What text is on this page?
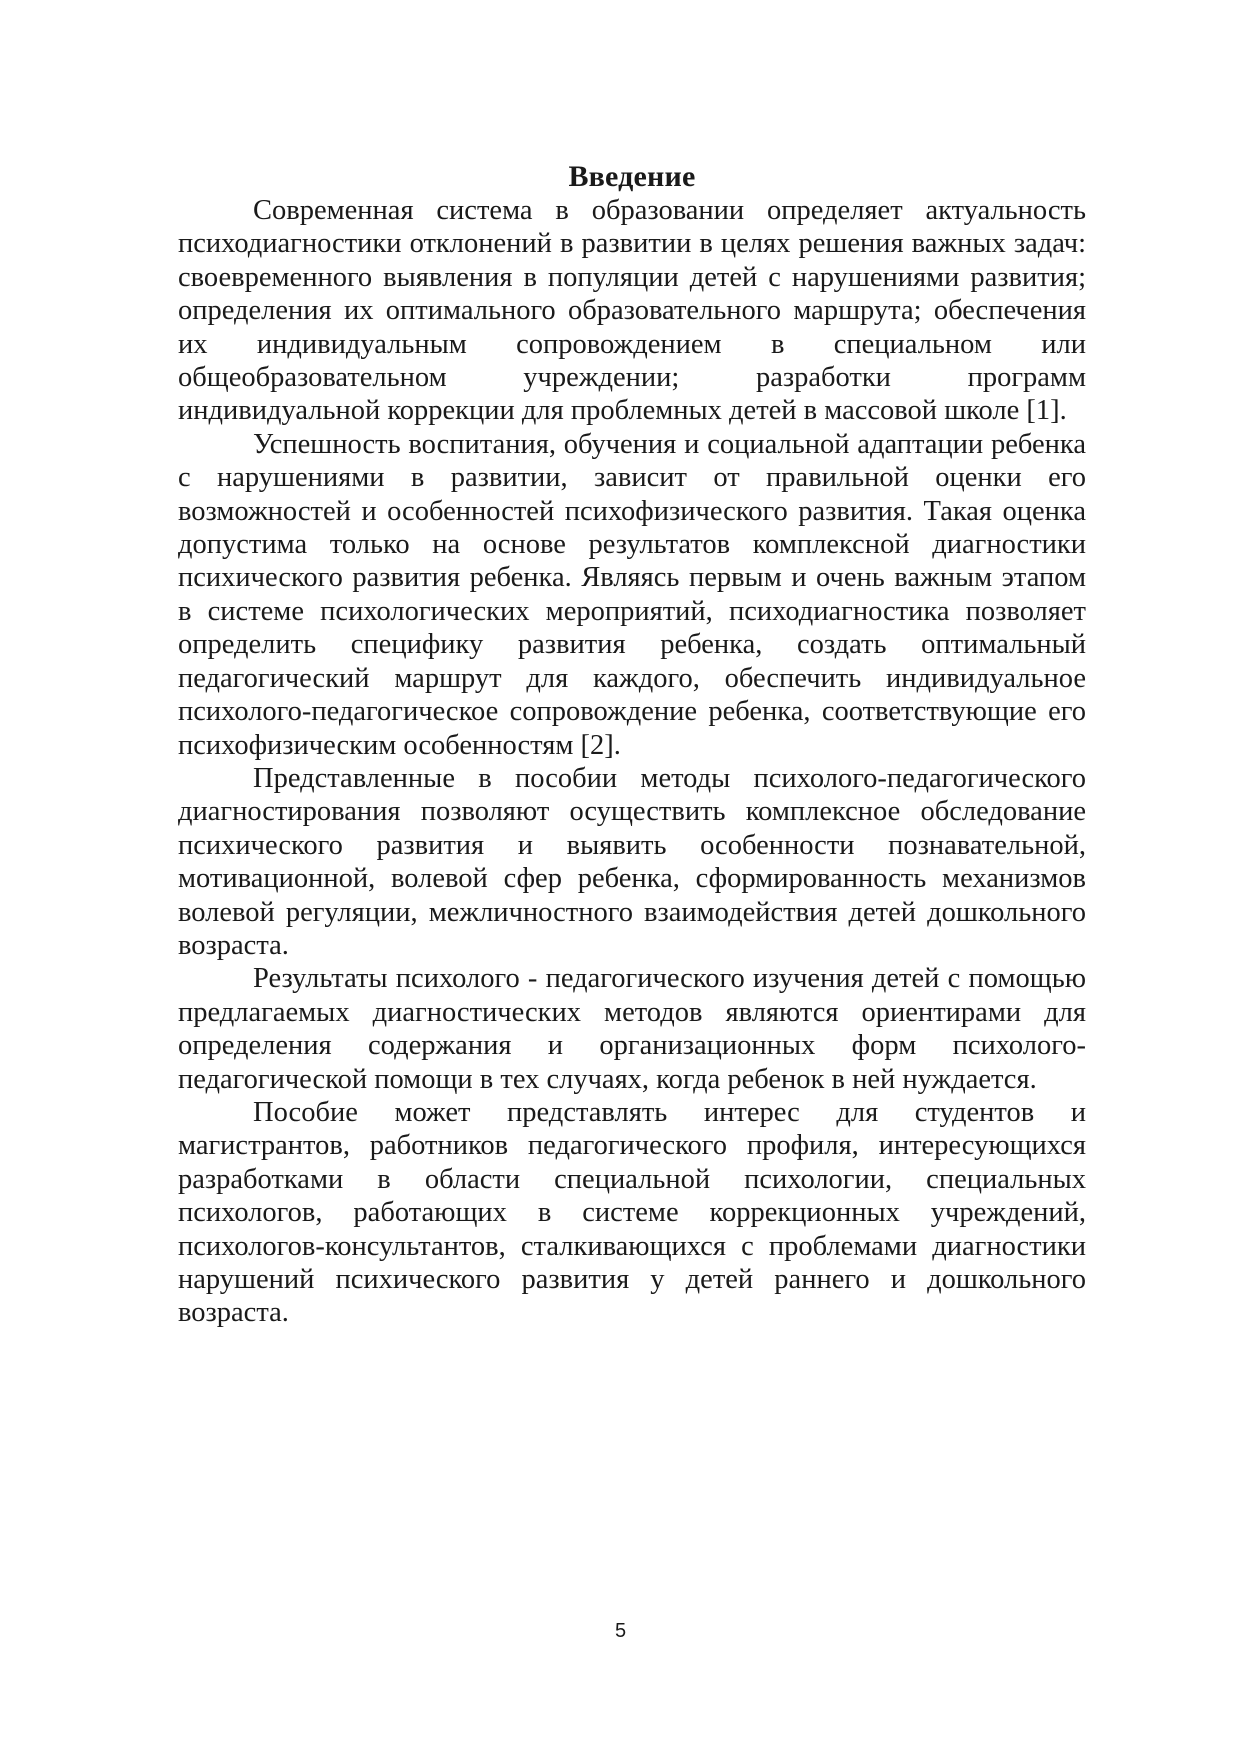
Введение

Современная система в образовании определяет актуальность психодиагностики отклонений в развитии в целях решения важных задач: своевременного выявления в популяции детей с нарушениями развития; определения их оптимального образовательного маршрута; обеспечения их индивидуальным сопровождением в специальном или общеобразовательном учреждении; разработки программ индивидуальной коррекции для проблемных детей в массовой школе [1].

Успешность воспитания, обучения и социальной адаптации ребенка с нарушениями в развитии, зависит от правильной оценки его возможностей и особенностей психофизического развития. Такая оценка допустима только на основе результатов комплексной диагностики психического развития ребенка. Являясь первым и очень важным этапом в системе психологических мероприятий, психодиагностика позволяет определить специфику развития ребенка, создать оптимальный педагогический маршрут для каждого, обеспечить индивидуальное психолого-педагогическое сопровождение ребенка, соответствующие его психофизическим особенностям [2].

Представленные в пособии методы психолого-педагогического диагностирования позволяют осуществить комплексное обследование психического развития и выявить особенности познавательной, мотивационной, волевой сфер ребенка, сформированность механизмов волевой регуляции, межличностного взаимодействия детей дошкольного возраста.

Результаты психолого - педагогического изучения детей с помощью предлагаемых диагностических методов являются ориентирами для определения содержания и организационных форм психолого-педагогической помощи в тех случаях, когда ребенок в ней нуждается.

Пособие может представлять интерес для студентов и магистрантов, работников педагогического профиля, интересующихся разработками в области специальной психологии, специальных психологов, работающих в системе коррекционных учреждений, психологов-консультантов, сталкивающихся с проблемами диагностики нарушений психического развития у детей раннего и дошкольного возраста.

5
